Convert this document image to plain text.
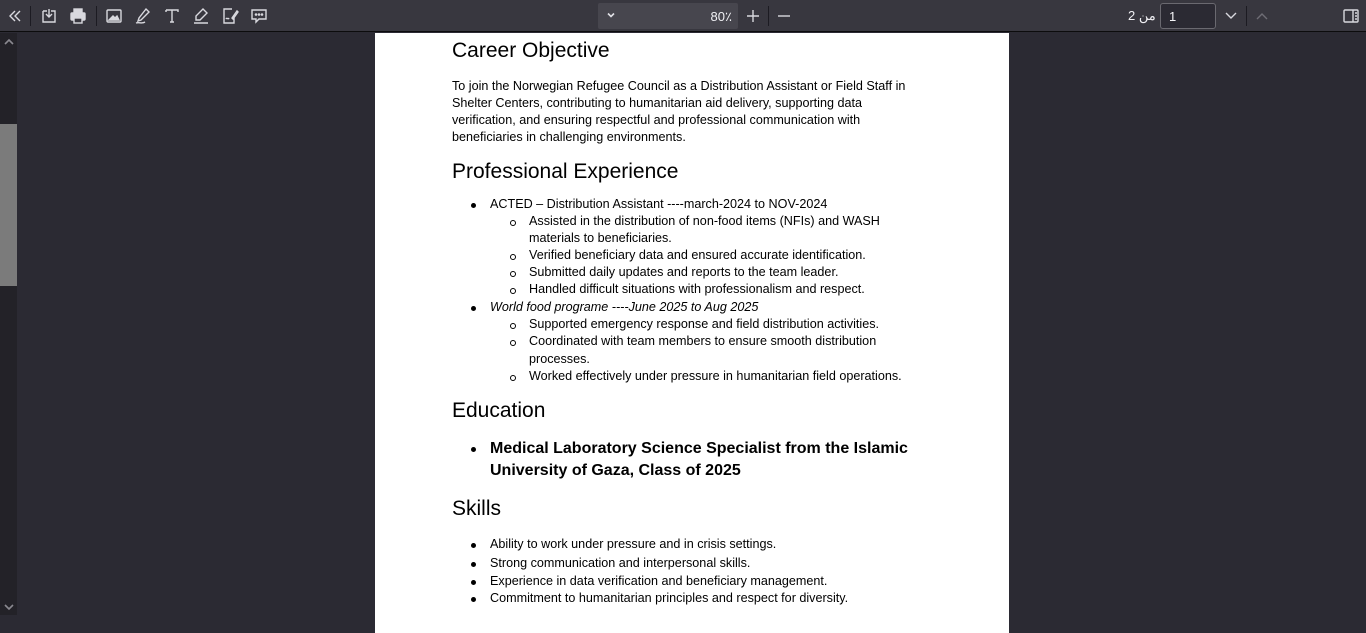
80٪	من 2
1
Career Objective
To join the Norwegian Refugee Council as a Distribution Assistant or Field Staff in
Shelter Centers, contributing to humanitarian aid delivery, supporting data
verification, and ensuring respectful and professional communication with
beneficiaries in challenging environments.
Professional Experience
ACTED – Distribution Assistant ----march-2024 to NOV-2024
Assisted in the distribution of non-food items (NFIs) and WASH
materials to beneficiaries.
Verified beneficiary data and ensured accurate identification.
Submitted daily updates and reports to the team leader.
Handled difficult situations with professionalism and respect.
World food programe ----June 2025 to Aug 2025
Supported emergency response and field distribution activities.
Coordinated with team members to ensure smooth distribution
processes.
Worked effectively under pressure in humanitarian field operations.
Education
Medical Laboratory Science Specialist from the Islamic
University of Gaza, Class of 2025
Skills
Ability to work under pressure and in crisis settings.
Strong communication and interpersonal skills.
Experience in data verification and beneficiary management.
Commitment to humanitarian principles and respect for diversity.
